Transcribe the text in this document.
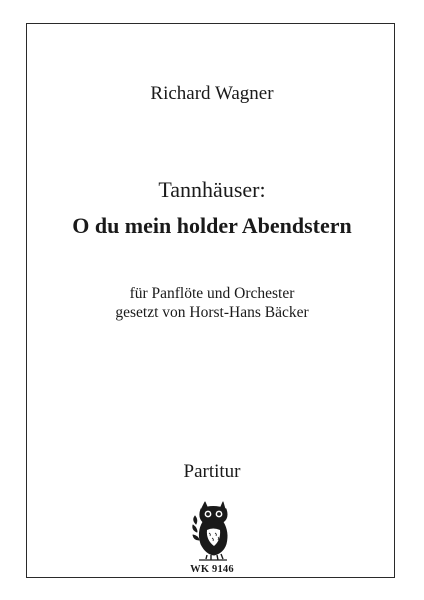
Richard Wagner
Tannhäuser:
O du mein holder Abendstern
für Panflöte und Orchester
gesetzt von Horst-Hans Bäcker
Partitur
WK 9146
